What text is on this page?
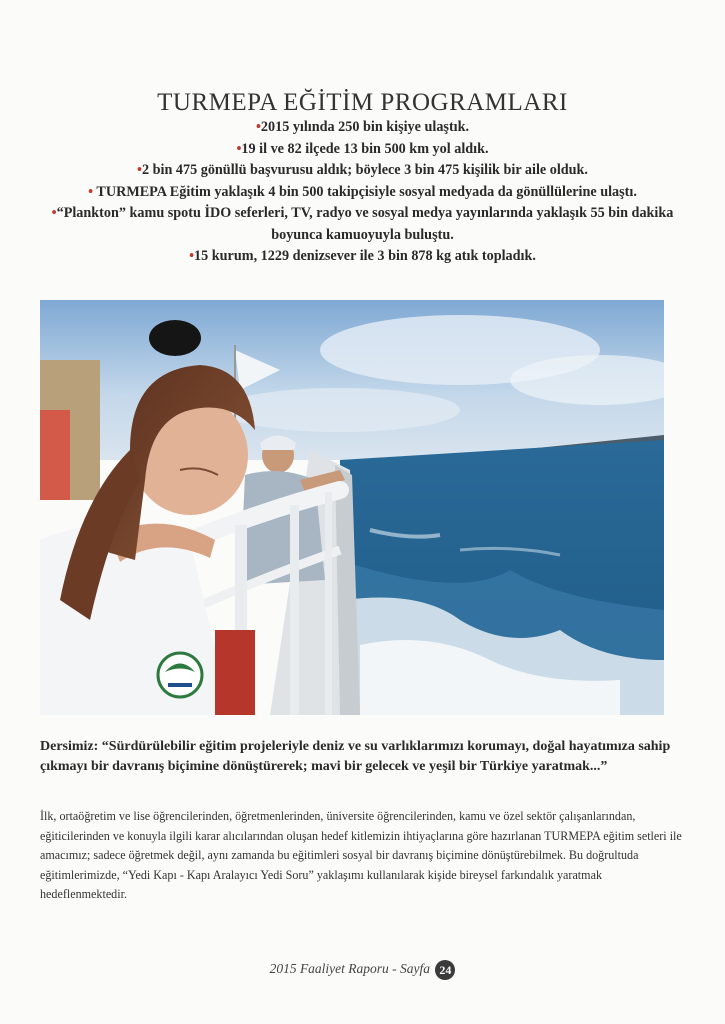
TURMEPA EĞİTİM PROGRAMLARI
•2015 yılında 250 bin kişiye ulaştık.
•19 il ve 82 ilçede 13 bin 500 km yol aldık.
•2 bin 475 gönüllü başvurusu aldık; böylece 3 bin 475 kişilik bir aile olduk.
• TURMEPA Eğitim yaklaşık 4 bin 500 takipçisiyle sosyal medyada da gönüllülerine ulaştı.
•“Plankton” kamu spotu İDO seferleri, TV, radyo ve sosyal medya yayınlarında yaklaşık 55 bin dakika boyunca kamuoyuyla buluştu.
•15 kurum, 1229 denizsever ile 3 bin 878 kg atık topladık.
Dersimiz: “Sürdürülebilir eğitim projeleriyle deniz ve su varlıklarımızı korumayı, doğal hayatımıza sahip çıkmayı bir davranış biçimine dönüştürerek; mavi bir gelecek ve yeşil bir Türkiye yaratmak...”
İlk, ortaöğretim ve lise öğrencilerinden, öğretmenlerinden, üniversite öğrencilerinden, kamu ve özel sektör çalışanlarından, eğiticilerinden ve konuyla ilgili karar alıcılarından oluşan hedef kitlemizin ihtiyaçlarına göre hazırlanan TURMEPA eğitim setleri ile amacımız; sadece öğretmek değil, aynı zamanda bu eğitimleri sosyal bir davranış biçimine dönüştürebilmek. Bu doğrultuda eğitimlerimizde, “Yedi Kapı - Kapı Aralayıcı Yedi Soru” yaklaşımı kullanılarak kişide bireysel farkındalık yaratmak hedeflenmektedir.
2015 Faaliyet Raporu - Sayfa 24
